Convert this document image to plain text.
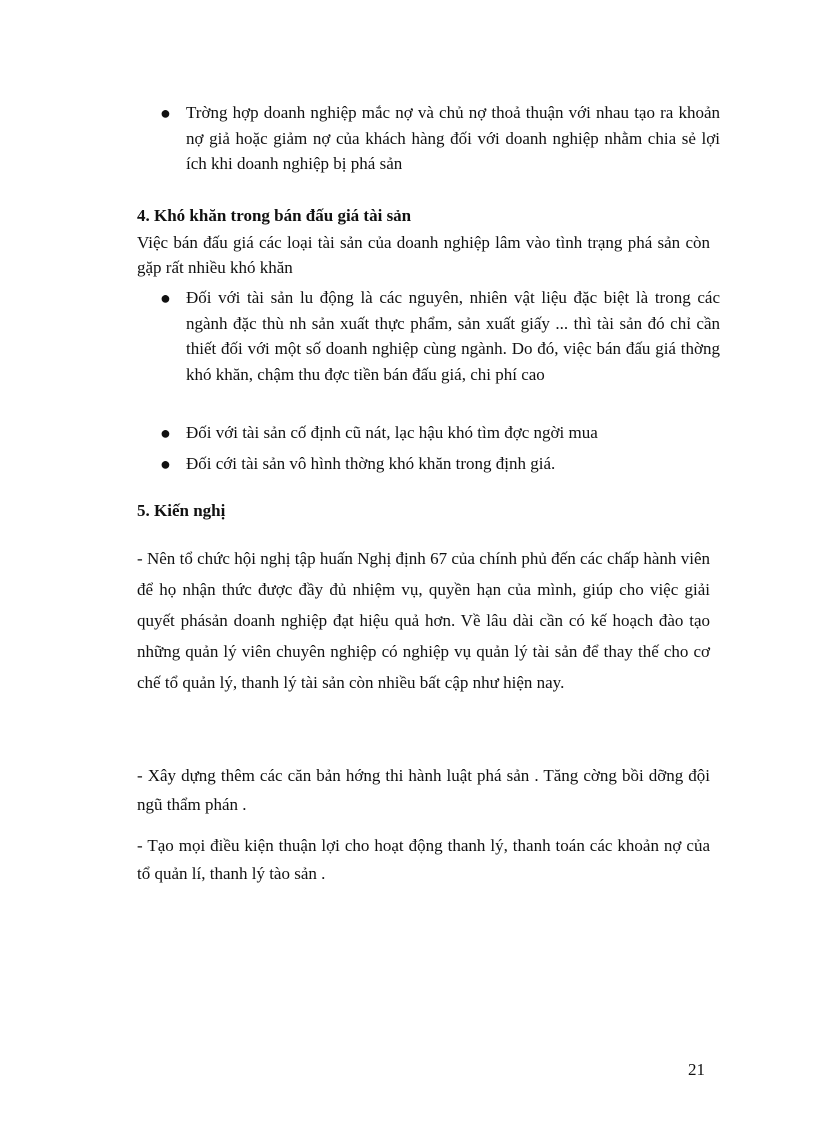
● Trờng hợp doanh nghiệp mắc nợ và chủ nợ thoả thuận với nhau tạo ra khoản nợ giả hoặc giảm nợ của khách hàng đối với doanh nghiệp nhằm chia sẻ lợi ích khi doanh nghiệp bị phá sản
4. Khó khăn trong bán đấu giá tài sản
Việc bán đấu giá các loại tài sản của doanh nghiệp lâm vào tình trạng phá sản còn gặp rất nhiều khó khăn
● Đối với tài sản lu động là các nguyên, nhiên vật liệu đặc biệt là trong các ngành đặc thù nh sản xuất thực phẩm, sản xuất giấy ... thì tài sản đó chỉ cần thiết đối với một số doanh nghiệp cùng ngành. Do đó, việc bán đấu giá thờng khó khăn, chậm thu đợc tiền bán đấu giá, chi phí cao
● Đối với tài sản cố định cũ nát, lạc hậu khó tìm đợc ngời mua
● Đối cới tài sản vô hình thờng khó khăn trong định giá.
5. Kiến nghị
- Nên tổ chức hội nghị tập huấn Nghị định 67 của chính phủ đến các chấp hành viên để họ nhận thức được đầy đủ nhiệm vụ, quyền hạn của mình, giúp cho việc giải quyết phásản doanh nghiệp đạt hiệu quả hơn. Về lâu dài cần có kế hoạch đào tạo những quản lý viên chuyên nghiệp có nghiệp vụ quản lý tài sản để thay thế cho cơ chế tổ quản lý, thanh lý tài sản còn nhiều bất cập như hiện nay.
- Xây dựng thêm các căn bản hớng thi hành luật phá sản . Tăng cờng bồi dỡng đội ngũ thẩm phán .
- Tạo mọi điều kiện thuận lợi cho hoạt động thanh lý, thanh toán các khoản nợ của tổ quản lí, thanh lý tào sản .
21
